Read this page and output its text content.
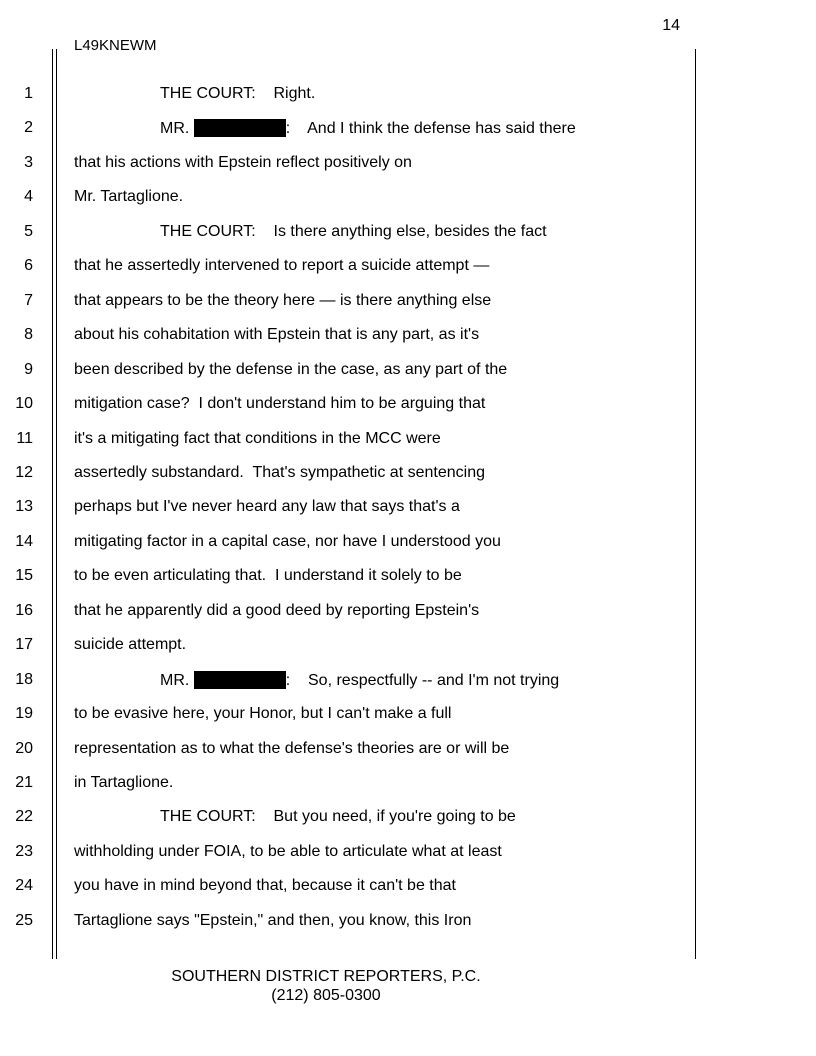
14
L49KNEWM
1	THE COURT:    Right.
2	MR.	:    And I think the defense has said there
3	that his actions with Epstein reflect positively on
4	Mr. Tartaglione.
5	THE COURT:    Is there anything else, besides the fact
6	that he assertedly intervened to report a suicide attempt —
7	that appears to be the theory here — is there anything else
8	about his cohabitation with Epstein that is any part, as it's
9	been described by the defense in the case, as any part of the
10	mitigation case?  I don't understand him to be arguing that
11	it's a mitigating fact that conditions in the MCC were
12	assertedly substandard.  That's sympathetic at sentencing
13	perhaps but I've never heard any law that says that's a
14	mitigating factor in a capital case, nor have I understood you
15	to be even articulating that.  I understand it solely to be
16	that he apparently did a good deed by reporting Epstein's
17	suicide attempt.
18	MR.	:    So, respectfully -- and I'm not trying
19	to be evasive here, your Honor, but I can't make a full
20	representation as to what the defense's theories are or will be
21	in Tartaglione.
22	THE COURT:    But you need, if you're going to be
23	withholding under FOIA, to be able to articulate what at least
24	you have in mind beyond that, because it can't be that
25	Tartaglione says "Epstein," and then, you know, this Iron
SOUTHERN DISTRICT REPORTERS, P.C.
(212) 805-0300
